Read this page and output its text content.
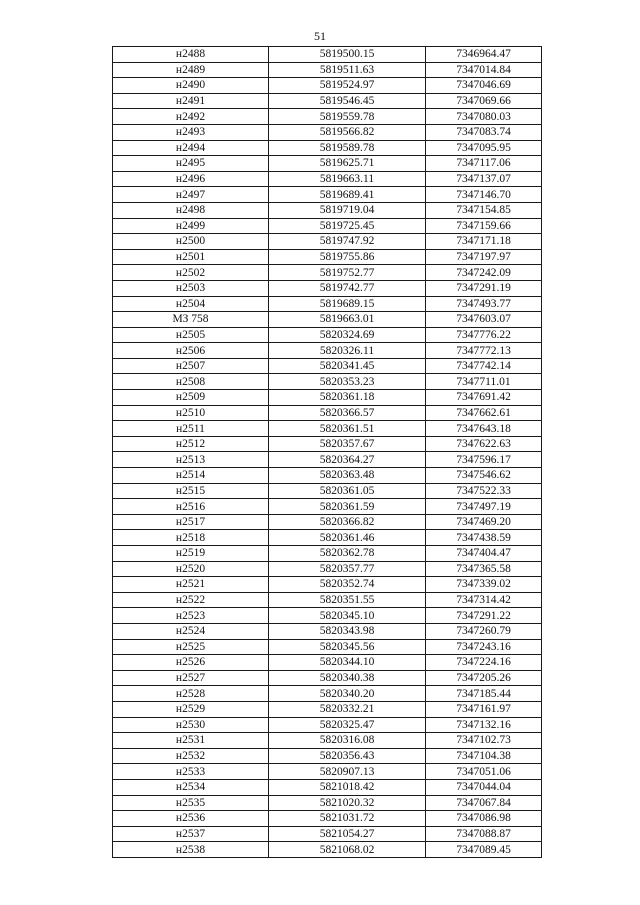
51
н2488	5819500.15	7346964.47
н2489	5819511.63	7347014.84
н2490	5819524.97	7347046.69
н2491	5819546.45	7347069.66
н2492	5819559.78	7347080.03
н2493	5819566.82	7347083.74
н2494	5819589.78	7347095.95
н2495	5819625.71	7347117.06
н2496	5819663.11	7347137.07
н2497	5819689.41	7347146.70
н2498	5819719.04	7347154.85
н2499	5819725.45	7347159.66
н2500	5819747.92	7347171.18
н2501	5819755.86	7347197.97
н2502	5819752.77	7347242.09
н2503	5819742.77	7347291.19
н2504	5819689.15	7347493.77
МЗ 758	5819663.01	7347603.07
н2505	5820324.69	7347776.22
н2506	5820326.11	7347772.13
н2507	5820341.45	7347742.14
н2508	5820353.23	7347711.01
н2509	5820361.18	7347691.42
н2510	5820366.57	7347662.61
н2511	5820361.51	7347643.18
н2512	5820357.67	7347622.63
н2513	5820364.27	7347596.17
н2514	5820363.48	7347546.62
н2515	5820361.05	7347522.33
н2516	5820361.59	7347497.19
н2517	5820366.82	7347469.20
н2518	5820361.46	7347438.59
н2519	5820362.78	7347404.47
н2520	5820357.77	7347365.58
н2521	5820352.74	7347339.02
н2522	5820351.55	7347314.42
н2523	5820345.10	7347291.22
н2524	5820343.98	7347260.79
н2525	5820345.56	7347243.16
н2526	5820344.10	7347224.16
н2527	5820340.38	7347205.26
н2528	5820340.20	7347185.44
н2529	5820332.21	7347161.97
н2530	5820325.47	7347132.16
н2531	5820316.08	7347102.73
н2532	5820356.43	7347104.38
н2533	5820907.13	7347051.06
н2534	5821018.42	7347044.04
н2535	5821020.32	7347067.84
н2536	5821031.72	7347086.98
н2537	5821054.27	7347088.87
н2538	5821068.02	7347089.45
